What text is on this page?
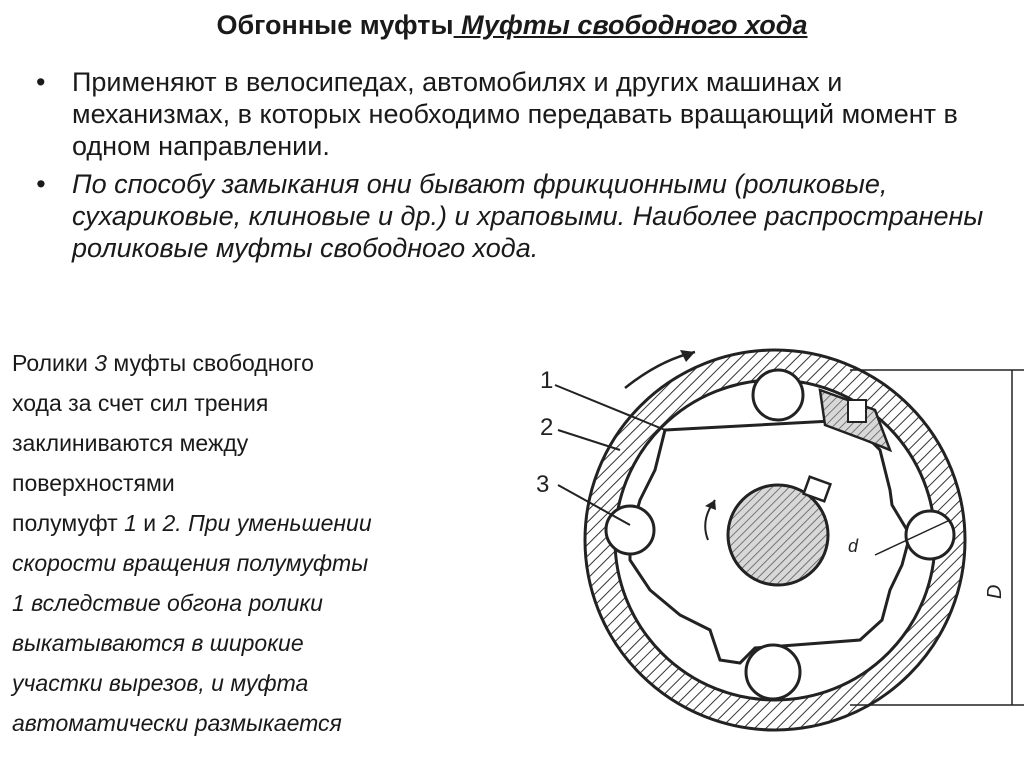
Обгонные муфты Муфты свободного хода
• Применяют в велосипедах, автомобилях и других машинах и механизмах, в которых необходимо передавать вращающий момент в одном направлении.
• По способу замыкания они бывают фрикционными (роликовые, сухариковые, клиновые и др.) и храповыми. Наиболее распространены роликовые муфты свободного хода.
Ролики 3 муфты свободного
хода за счет сил трения
заклиниваются между
поверхностями
полумуфт 1 и 2. При уменьшении
скорости вращения полумуфты
1 вследствие обгона ролики
выкатываются в широкие
участки вырезов, и муфта
автоматически размыкается
1
2
3
d
D
